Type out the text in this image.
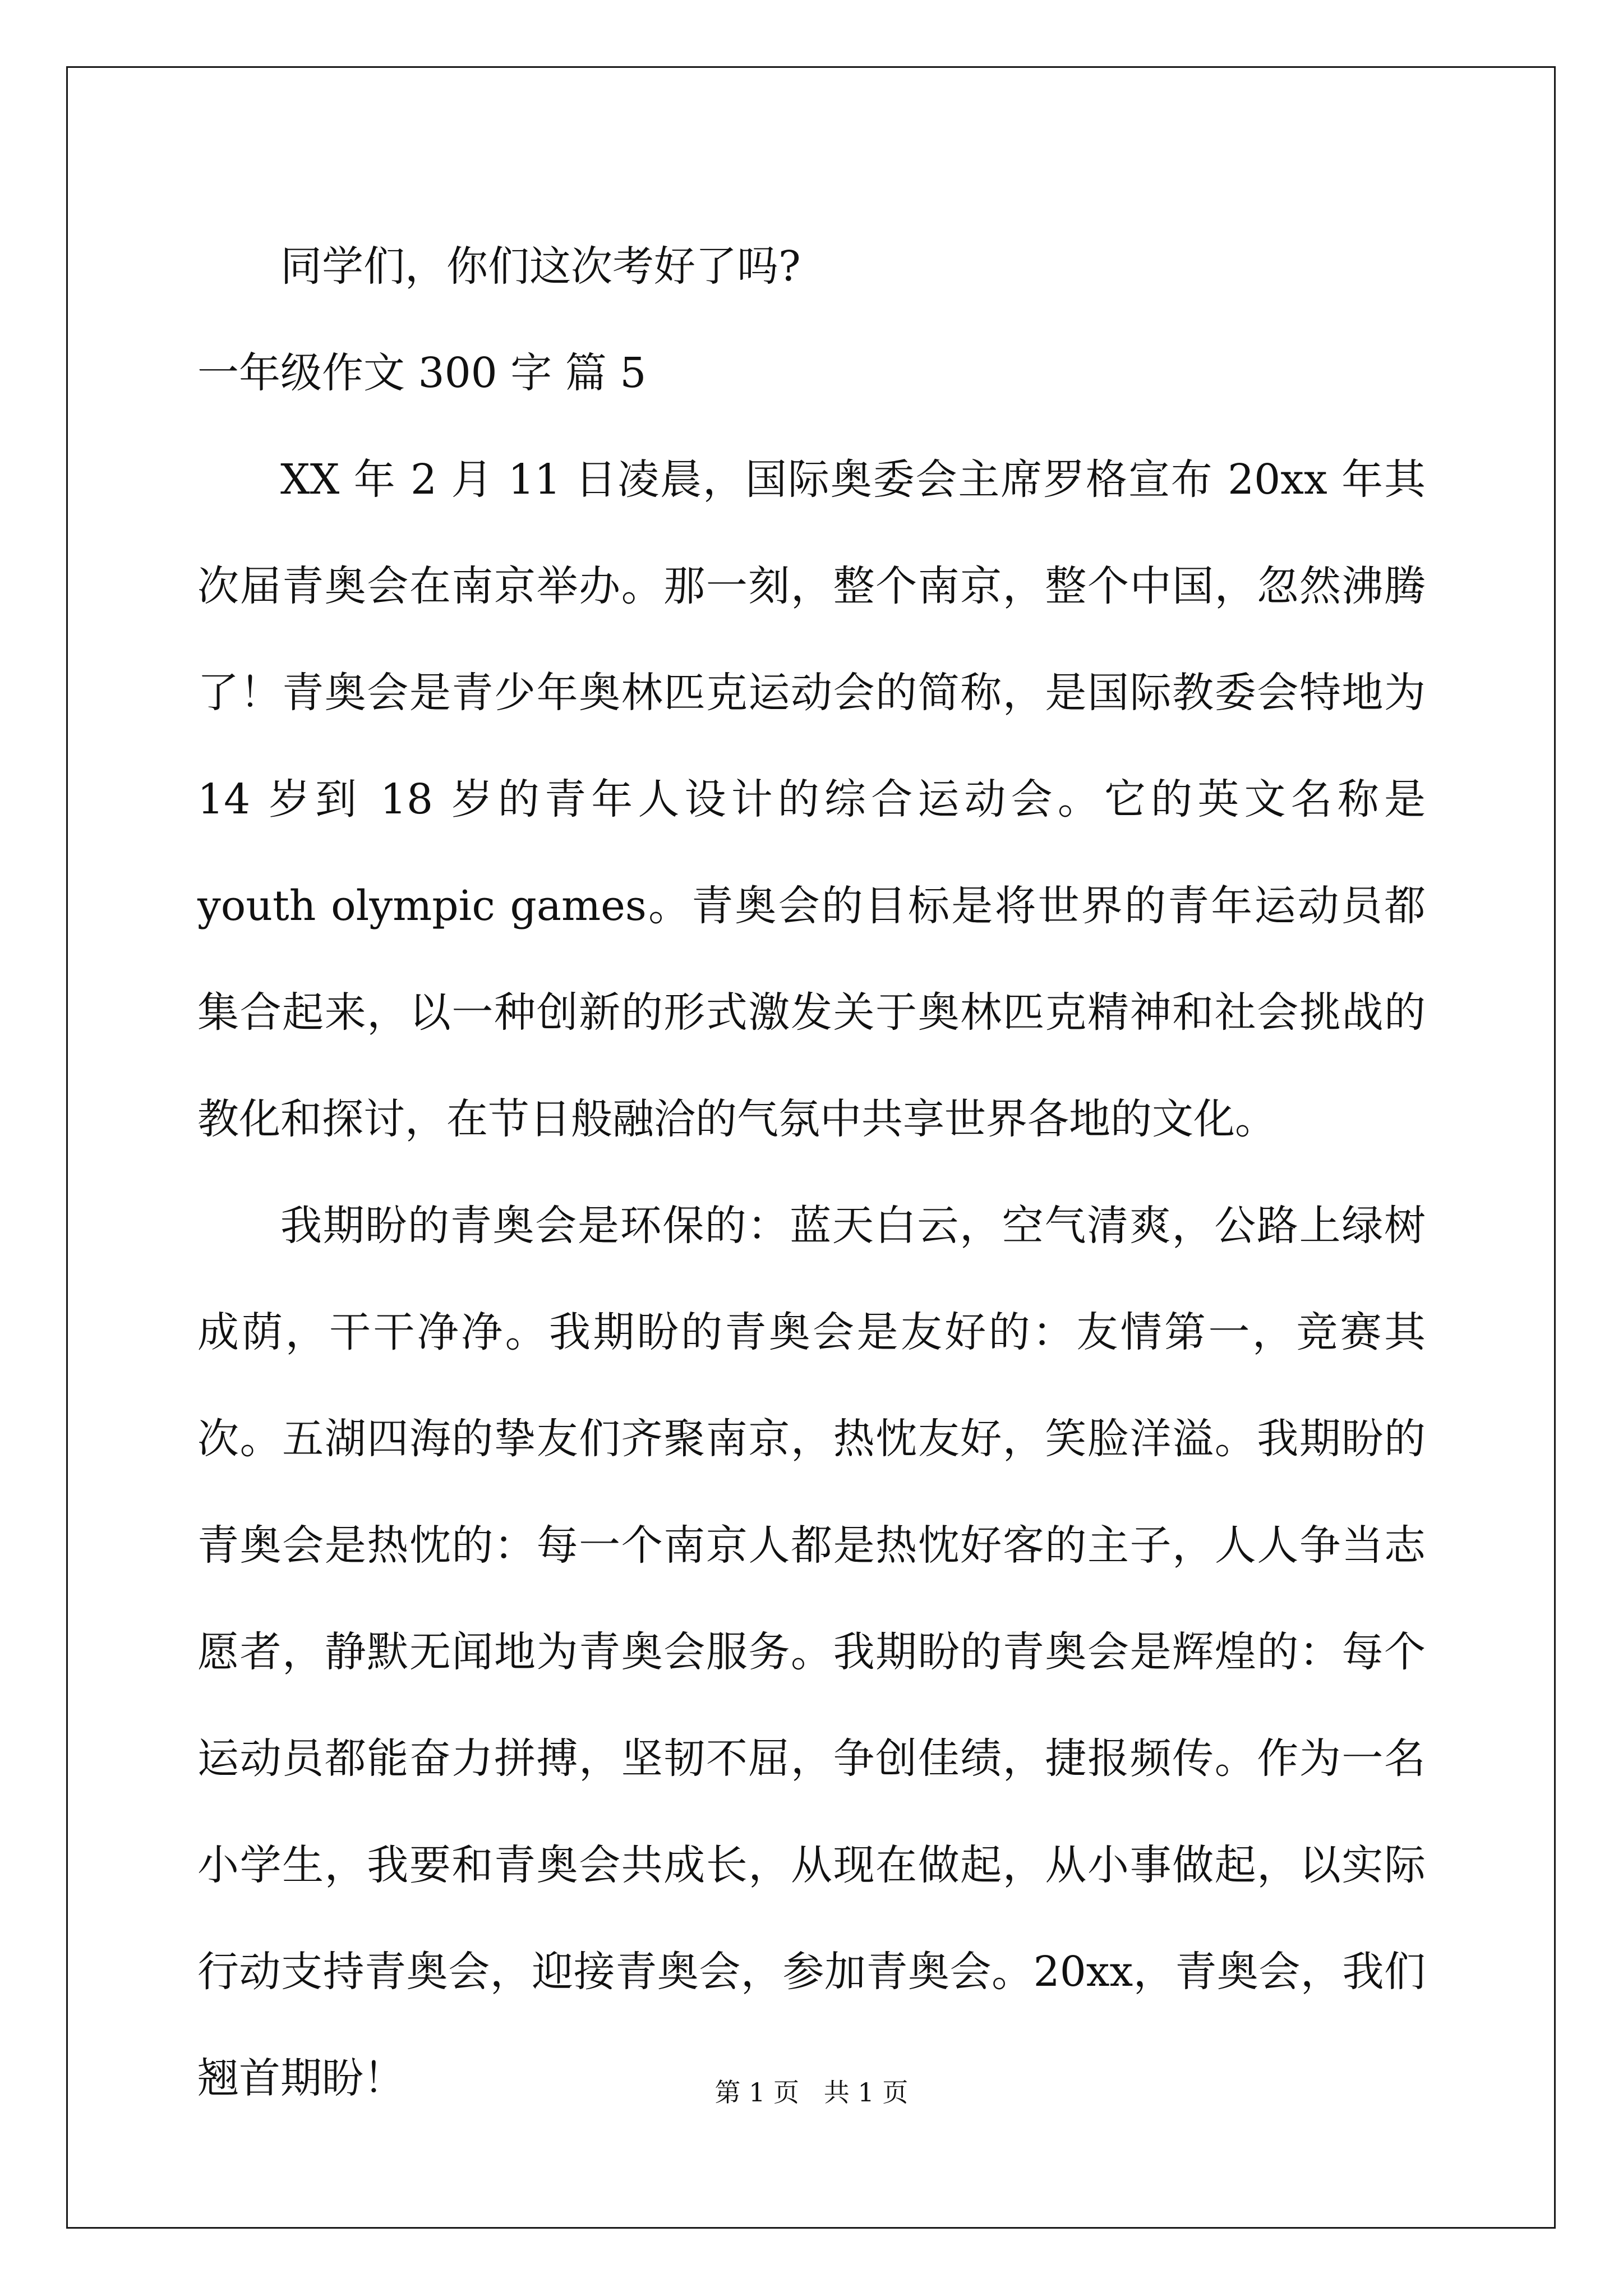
同学们，你们这次考好了吗?

一年级作文 300 字 篇 5

XX 年 2 月 11 日凌晨，国际奥委会主席罗格宣布 20xx 年其次届青奥会在南京举办。那一刻，整个南京，整个中国，忽然沸腾了！青奥会是青少年奥林匹克运动会的简称，是国际教委会特地为 14 岁到 18 岁的青年人设计的综合运动会。它的英文名称是 youth olympic games。青奥会的目标是将世界的青年运动员都集合起来，以一种创新的形式激发关于奥林匹克精神和社会挑战的教化和探讨，在节日般融洽的气氛中共享世界各地的文化。

我期盼的青奥会是环保的：蓝天白云，空气清爽，公路上绿树成荫，干干净净。我期盼的青奥会是友好的：友情第一，竞赛其次。五湖四海的挚友们齐聚南京，热忱友好，笑脸洋溢。我期盼的青奥会是热忱的：每一个南京人都是热忱好客的主子，人人争当志愿者，静默无闻地为青奥会服务。我期盼的青奥会是辉煌的：每个运动员都能奋力拼搏，坚韧不屈，争创佳绩，捷报频传。作为一名小学生，我要和青奥会共成长，从现在做起，从小事做起，以实际行动支持青奥会，迎接青奥会，参加青奥会。20xx，青奥会，我们翘首期盼！	第 1 页   共 1 页
